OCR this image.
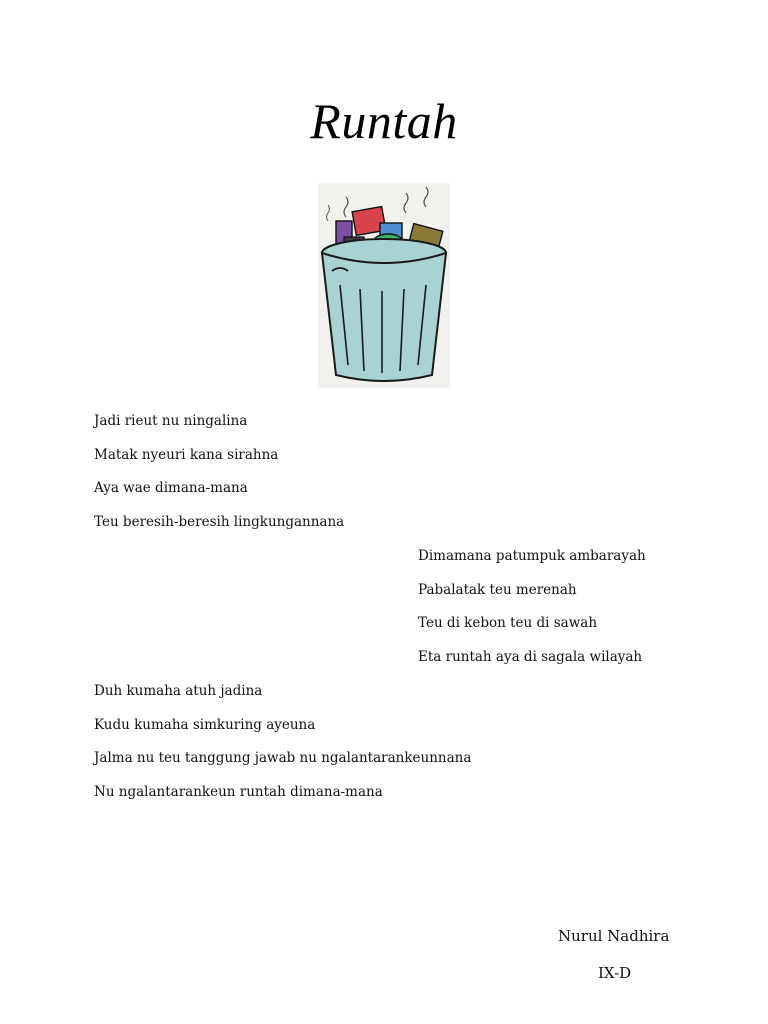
Runtah
Jadi rieut nu ningalina
Matak nyeuri kana sirahna
Aya wae dimana-mana
Teu beresih-beresih lingkungannana
Dimamana patumpuk ambarayah
Pabalatak teu merenah
Teu di kebon teu di sawah
Eta runtah aya di sagala wilayah
Duh kumaha atuh jadina
Kudu kumaha simkuring ayeuna
Jalma nu teu tanggung jawab nu ngalantarankeunnana
Nu ngalantarankeun runtah dimana-mana
Nurul Nadhira
IX-D
